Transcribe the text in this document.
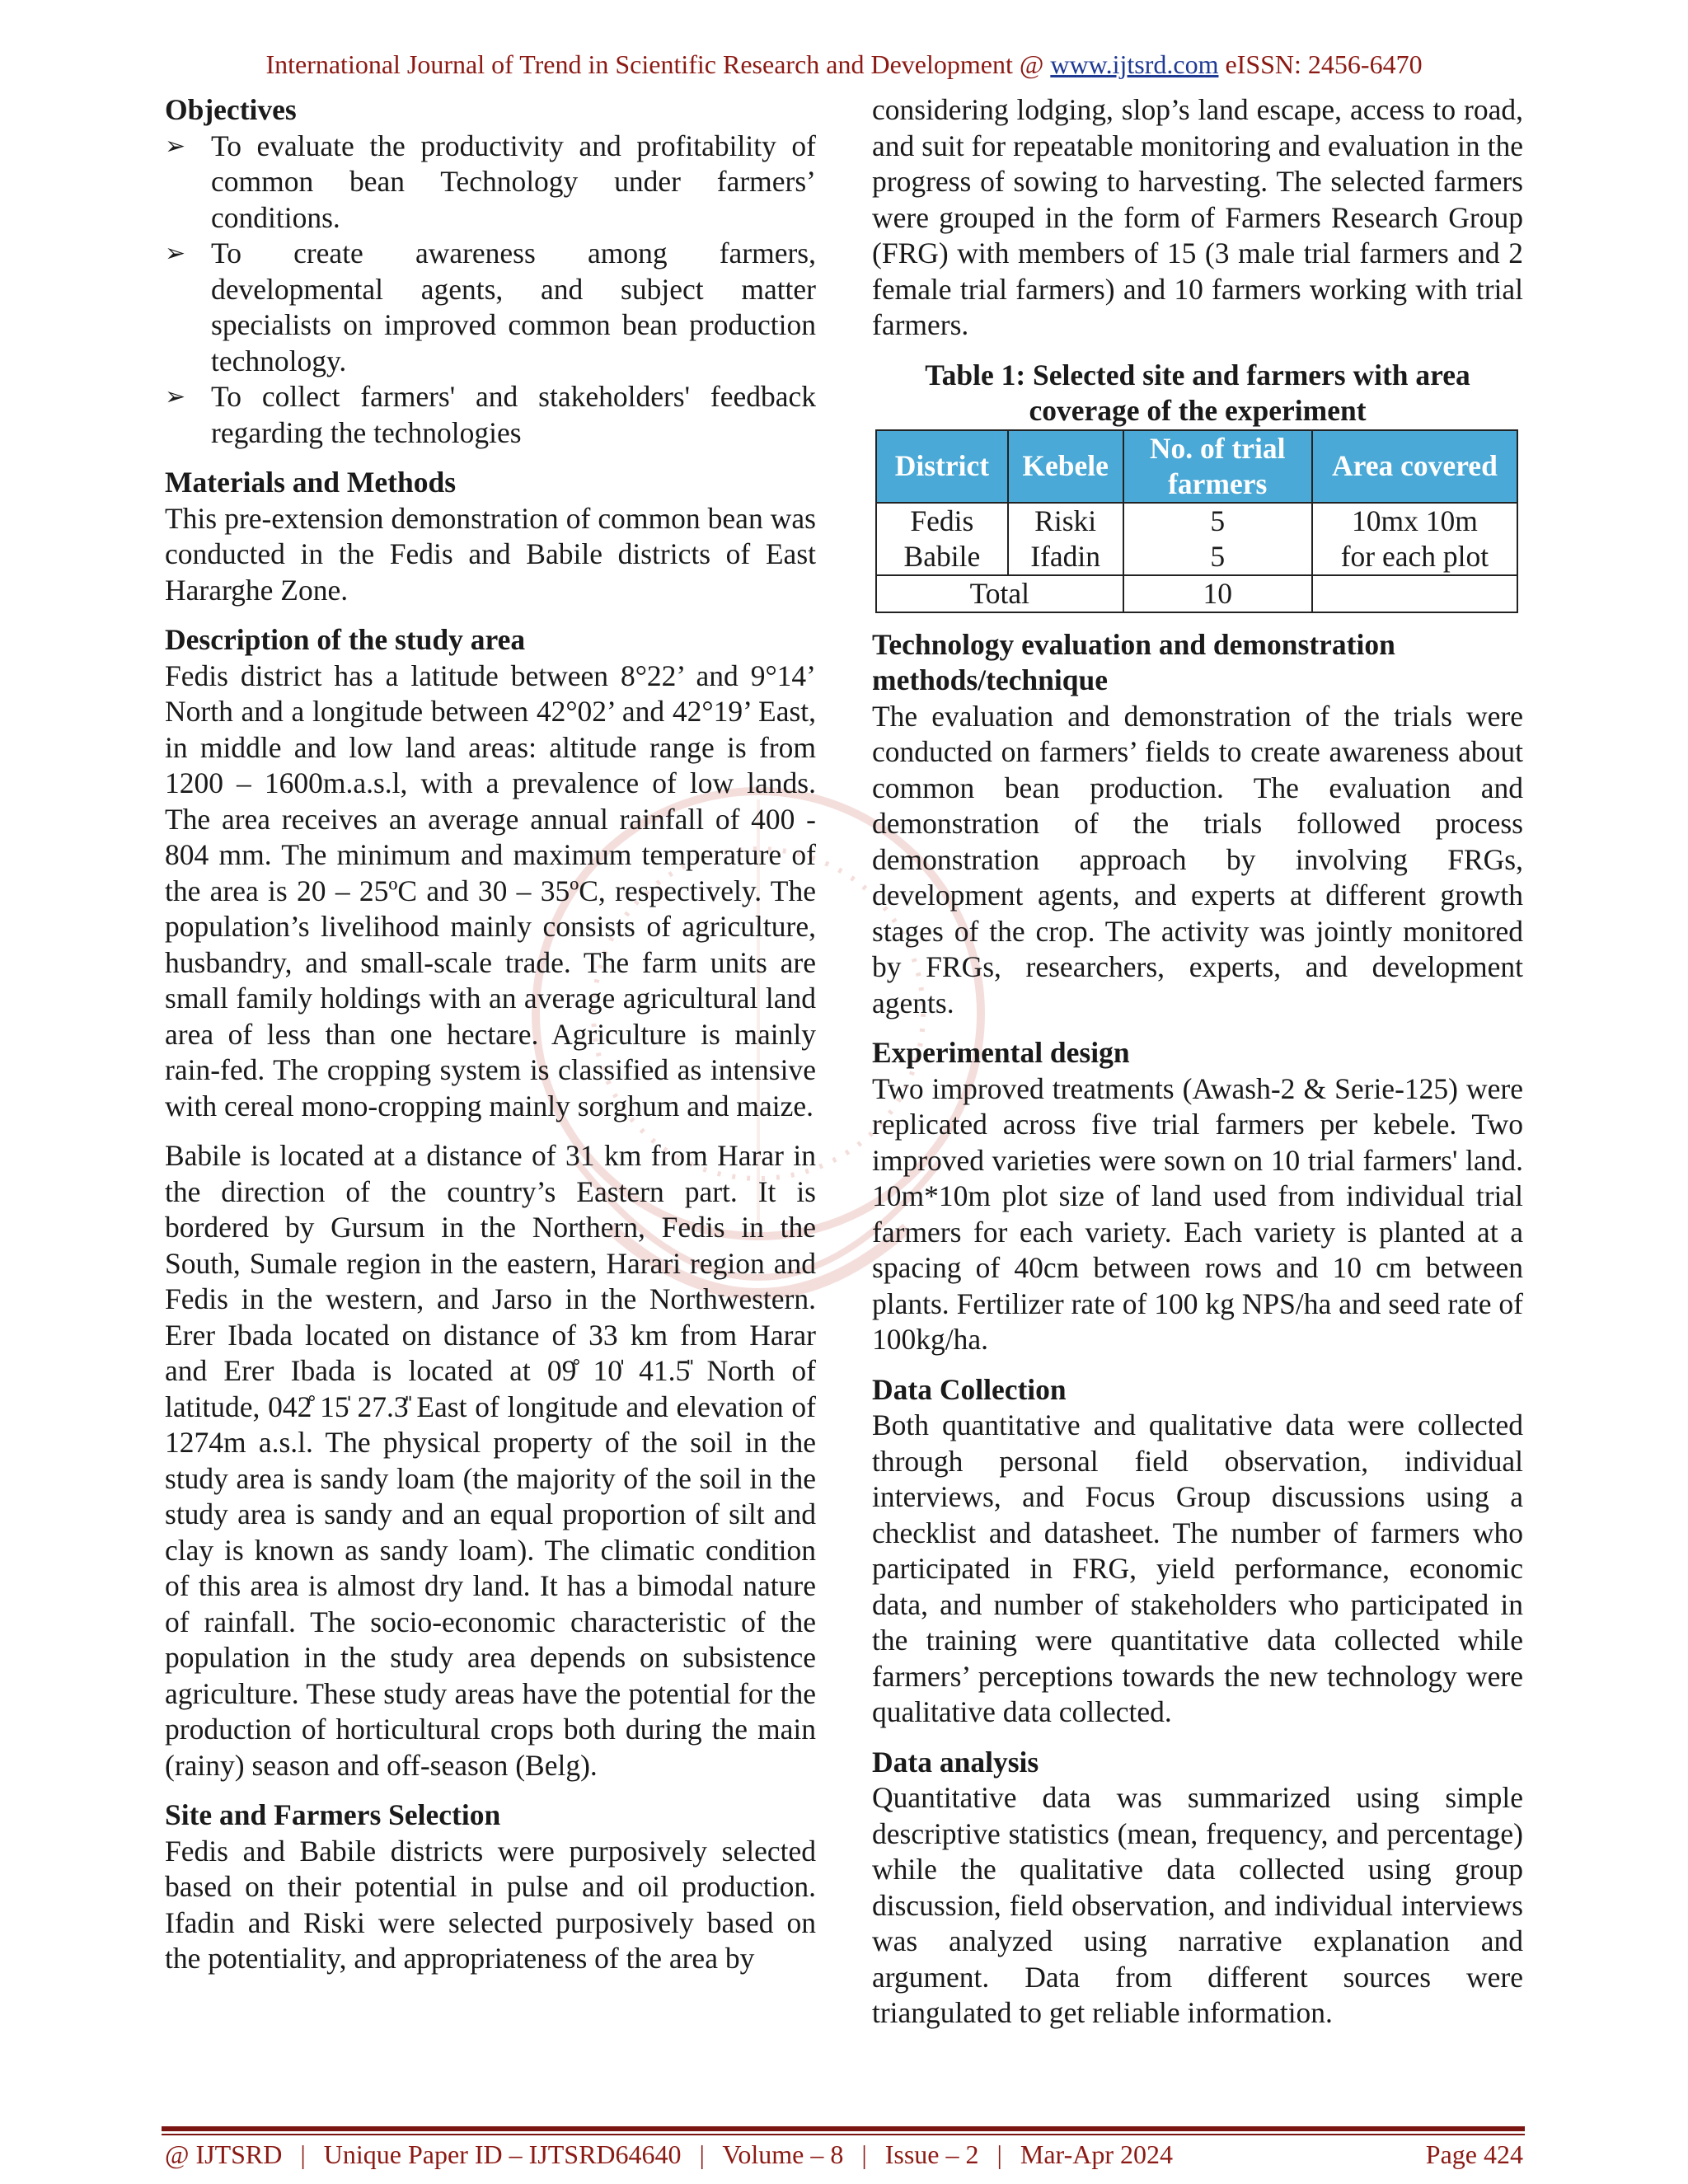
International Journal of Trend in Scientific Research and Development @ www.ijtsrd.com eISSN: 2456-6470
Objectives
➢ To evaluate the productivity and profitability of common bean Technology under farmers’ conditions.
➢ To create awareness among farmers, developmental agents, and subject matter specialists on improved common bean production technology.
➢ To collect farmers' and stakeholders' feedback regarding the technologies
Materials and Methods

This pre-extension demonstration of common bean was conducted in the Fedis and Babile districts of East Hararghe Zone.

Description of the study area

Fedis district has a latitude between 8°22’ and 9°14’ North and a longitude between 42°02’ and 42°19’ East, in middle and low land areas: altitude range is from 1200 – 1600m.a.s.l, with a prevalence of low lands. The area receives an average annual rainfall of 400 - 804 mm. The minimum and maximum temperature of the area is 20 – 25ºC and 30 – 35ºC, respectively. The population’s livelihood mainly consists of agriculture, husbandry, and small-scale trade. The farm units are small family holdings with an average agricultural land area of less than one hectare. Agriculture is mainly rain-fed. The cropping system is classified as intensive with cereal mono-cropping mainly sorghum and maize.

Babile is located at a distance of 31 km from Harar in the direction of the country’s Eastern part. It is bordered by Gursum in the Northern, Fedis in the South, Sumale region in the eastern, Harari region and Fedis in the western, and Jarso in the Northwestern. Erer Ibada located on distance of 33 km from Harar and Erer Ibada is located at 09̊ 10̍ 41.5̎ North of latitude, 042̊ 15̍ 27.3̎ East of longitude and elevation of 1274m a.s.l. The physical property of the soil in the study area is sandy loam (the majority of the soil in the study area is sandy and an equal proportion of silt and clay is known as sandy loam). The climatic condition of this area is almost dry land. It has a bimodal nature of rainfall. The socio-economic characteristic of the population in the study area depends on subsistence agriculture. These study areas have the potential for the production of horticultural crops both during the main (rainy) season and off-season (Belg).

Site and Farmers Selection

Fedis and Babile districts were purposively selected based on their potential in pulse and oil production. Ifadin and Riski were selected purposively based on the potentiality, and appropriateness of the area by

considering lodging, slop’s land escape, access to road, and suit for repeatable monitoring and evaluation in the progress of sowing to harvesting. The selected farmers were grouped in the form of Farmers Research Group (FRG) with members of 15 (3 male trial farmers and 2 female trial farmers) and 10 farmers working with trial farmers.

Table 1: Selected site and farmers with area
coverage of the experiment
District	Kebele	No. of trial farmers	Area covered
Fedis	Riski	5	10mx 10m
Babile	Ifadin	5	for each plot
Total		10	
Technology evaluation and demonstration methods/technique

The evaluation and demonstration of the trials were conducted on farmers’ fields to create awareness about common bean production. The evaluation and demonstration of the trials followed process demonstration approach by involving FRGs, development agents, and experts at different growth stages of the crop. The activity was jointly monitored by FRGs, researchers, experts, and development agents.

Experimental design

Two improved treatments (Awash-2 & Serie-125) were replicated across five trial farmers per kebele. Two improved varieties were sown on 10 trial farmers' land. 10m*10m plot size of land used from individual trial farmers for each variety. Each variety is planted at a spacing of 40cm between rows and 10 cm between plants. Fertilizer rate of 100 kg NPS/ha and seed rate of 100kg/ha.

Data Collection

Both quantitative and qualitative data were collected through personal field observation, individual interviews, and Focus Group discussions using a checklist and datasheet. The number of farmers who participated in FRG, yield performance, economic data, and number of stakeholders who participated in the training were quantitative data collected while farmers’ perceptions towards the new technology were qualitative data collected.

Data analysis

Quantitative data was summarized using simple descriptive statistics (mean, frequency, and percentage) while the qualitative data collected using group discussion, field observation, and individual interviews was analyzed using narrative explanation and argument. Data from different sources were triangulated to get reliable information.

@ IJTSRD | Unique Paper ID – IJTSRD64640 | Volume – 8 | Issue – 2 | Mar-Apr 2024	Page 424
